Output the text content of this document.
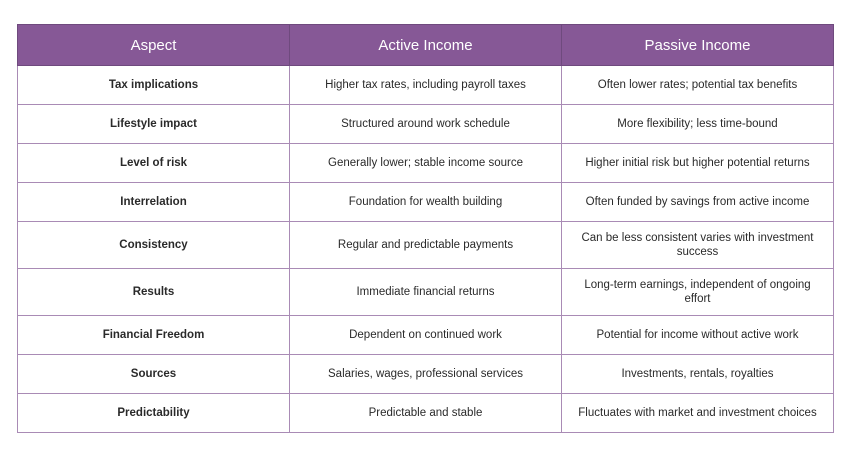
Aspect	Active Income	Passive Income
Tax implications	Higher tax rates, including payroll taxes	Often lower rates; potential tax benefits
Lifestyle impact	Structured around work schedule	More flexibility; less time-bound
Level of risk	Generally lower; stable income source	Higher initial risk but higher potential returns
Interrelation	Foundation for wealth building	Often funded by savings from active income
Consistency	Regular and predictable payments	Can be less consistent varies with investment success
Results	Immediate financial returns	Long-term earnings, independent of ongoing effort
Financial Freedom	Dependent on continued work	Potential for income without active work
Sources	Salaries, wages, professional services	Investments, rentals, royalties
Predictability	Predictable and stable	Fluctuates with market and investment choices
